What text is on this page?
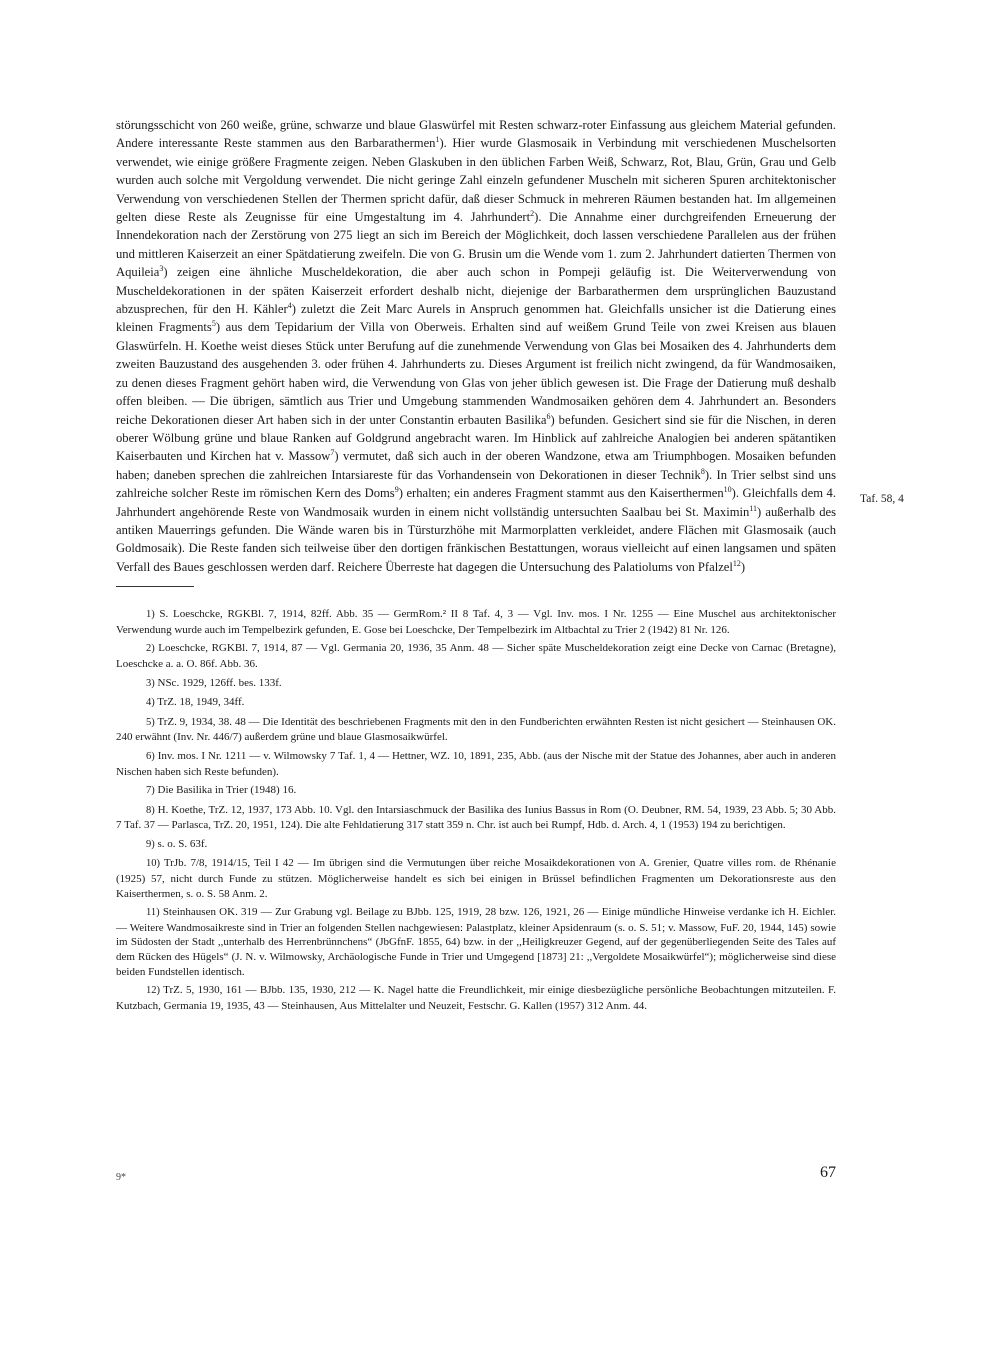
störungsschicht von 260 weiße, grüne, schwarze und blaue Glaswürfel mit Resten schwarz-roter Einfassung aus gleichem Material gefunden. Andere interessante Reste stammen aus den Barbarathermen$^1$). Hier wurde Glasmosaik in Verbindung mit verschiedenen Muschelsorten verwendet, wie einige größere Fragmente zeigen. Neben Glaskuben in den üblichen Farben Weiß, Schwarz, Rot, Blau, Grün, Grau und Gelb wurden auch solche mit Vergoldung verwendet. Die nicht geringe Zahl einzeln gefundener Muscheln mit sicheren Spuren architektonischer Verwendung von verschiedenen Stellen der Thermen spricht dafür, daß dieser Schmuck in mehreren Räumen bestanden hat. Im allgemeinen gelten diese Reste als Zeugnisse für eine Umgestaltung im 4. Jahrhundert$^2$). Die Annahme einer durchgreifenden Erneuerung der Innendekoration nach der Zerstörung von 275 liegt an sich im Bereich der Möglichkeit, doch lassen verschiedene Parallelen aus der frühen und mittleren Kaiserzeit an einer Spätdatierung zweifeln. Die von G. Brusin um die Wende vom 1. zum 2. Jahrhundert datierten Thermen von Aquileia$^3$) zeigen eine ähnliche Muscheldekoration, die aber auch schon in Pompeji geläufig ist. Die Weiterverwendung von Muscheldekorationen in der späten Kaiserzeit erfordert deshalb nicht, diejenige der Barbarathermen dem ursprünglichen Bauzustand abzusprechen, für den H. Kähler$^4$) zuletzt die Zeit Marc Aurels in Anspruch genommen hat. Gleichfalls unsicher ist die Datierung eines kleinen Fragments$^5$) aus dem Tepidarium der Villa von Oberweis. Erhalten sind auf weißem Grund Teile von zwei Kreisen aus blauen Glaswürfeln. H. Koethe weist dieses Stück unter Berufung auf die zunehmende Verwendung von Glas bei Mosaiken des 4. Jahrhunderts dem zweiten Bauzustand des ausgehenden 3. oder frühen 4. Jahrhunderts zu. Dieses Argument ist freilich nicht zwingend, da für Wandmosaiken, zu denen dieses Fragment gehört haben wird, die Verwendung von Glas von jeher üblich gewesen ist. Die Frage der Datierung muß deshalb offen bleiben. — Die übrigen, sämtlich aus Trier und Umgebung stammenden Wandmosaiken gehören dem 4. Jahrhundert an. Besonders reiche Dekorationen dieser Art haben sich in der unter Constantin erbauten Basilika$^6$) befunden. Gesichert sind sie für die Nischen, in deren oberer Wölbung grüne und blaue Ranken auf Goldgrund angebracht waren. Im Hinblick auf zahlreiche Analogien bei anderen spätantiken Kaiserbauten und Kirchen hat v. Massow$^7$) vermutet, daß sich auch in der oberen Wandzone, etwa am Triumphbogen. Mosaiken befunden haben; daneben sprechen die zahlreichen Intarsiareste für das Vorhandensein von Dekorationen in dieser Technik$^8$). In Trier selbst sind uns zahlreiche solcher Reste im römischen Kern des Doms$^9$) erhalten; ein anderes Fragment stammt aus den Kaiserthermen$^{10}$). Gleichfalls dem 4. Jahrhundert angehörende Reste von Wandmosaik wurden in einem nicht vollständig untersuchten Saalbau bei St. Maximin$^{11}$) außerhalb des antiken Mauerrings gefunden. Die Wände waren bis in Türsturzhöhe mit Marmorplatten verkleidet, andere Flächen mit Glasmosaik (auch Goldmosaik). Die Reste fanden sich teilweise über den dortigen fränkischen Bestattungen, woraus vielleicht auf einen langsamen und späten Verfall des Baues geschlossen werden darf. Reichere Überreste hat dagegen die Untersuchung des Palatiolums von Pfalzel$^{12}$)

1) S. Loeschcke, RGKBl. 7, 1914, 82ff. Abb. 35 — GermRom.² II 8 Taf. 4, 3 — Vgl. Inv. mos. I Nr. 1255 — Eine Muschel aus architektonischer Verwendung wurde auch im Tempelbezirk gefunden, E. Gose bei Loeschcke, Der Tempelbezirk im Altbachtal zu Trier 2 (1942) 81 Nr. 126.

2) Loeschcke, RGKBl. 7, 1914, 87 — Vgl. Germania 20, 1936, 35 Anm. 48 — Sicher späte Muscheldekoration zeigt eine Decke von Carnac (Bretagne), Loeschcke a. a. O. 86f. Abb. 36.

3) NSc. 1929, 126ff. bes. 133f.

4) TrZ. 18, 1949, 34ff.

5) TrZ. 9, 1934, 38. 48 — Die Identität des beschriebenen Fragments mit den in den Fundberichten erwähnten Resten ist nicht gesichert — Steinhausen OK. 240 erwähnt (Inv. Nr. 446/7) außerdem grüne und blaue Glasmosaikwürfel.

6) Inv. mos. I Nr. 1211 — v. Wilmowsky 7 Taf. 1, 4 — Hettner, WZ. 10, 1891, 235, Abb. (aus der Nische mit der Statue des Johannes, aber auch in anderen Nischen haben sich Reste befunden).

7) Die Basilika in Trier (1948) 16.

8) H. Koethe, TrZ. 12, 1937, 173 Abb. 10. Vgl. den Intarsiaschmuck der Basilika des Iunius Bassus in Rom (O. Deubner, RM. 54, 1939, 23 Abb. 5; 30 Abb. 7 Taf. 37 — Parlasca, TrZ. 20, 1951, 124). Die alte Fehldatierung 317 statt 359 n. Chr. ist auch bei Rumpf, Hdb. d. Arch. 4, 1 (1953) 194 zu berichtigen.

9) s. o. S. 63f.

10) TrJb. 7/8, 1914/15, Teil I 42 — Im übrigen sind die Vermutungen über reiche Mosaikdekorationen von A. Grenier, Quatre villes rom. de Rhénanie (1925) 57, nicht durch Funde zu stützen. Möglicherweise handelt es sich bei einigen in Brüssel befindlichen Fragmenten um Dekorationsreste aus den Kaiserthermen, s. o. S. 58 Anm. 2.

11) Steinhausen OK. 319 — Zur Grabung vgl. Beilage zu BJbb. 125, 1919, 28 bzw. 126, 1921, 26 — Einige mündliche Hinweise verdanke ich H. Eichler. — Weitere Wandmosaikreste sind in Trier an folgenden Stellen nachgewiesen: Palastplatz, kleiner Apsidenraum (s. o. S. 51; v. Massow, FuF. 20, 1944, 145) sowie im Südosten der Stadt ,,unterhalb des Herrenbrünnchens“ (JbGfnF. 1855, 64) bzw. in der ,,Heiligkreuzer Gegend, auf der gegenüberliegenden Seite des Tales auf dem Rücken des Hügels“ (J. N. v. Wilmowsky, Archäologische Funde in Trier und Umgegend [1873] 21: ,,Vergoldete Mosaikwürfel“); möglicherweise sind diese beiden Fundstellen identisch.

12) TrZ. 5, 1930, 161 — BJbb. 135, 1930, 212 — K. Nagel hatte die Freundlichkeit, mir einige diesbezügliche persönliche Beobachtungen mitzuteilen. F. Kutzbach, Germania 19, 1935, 43 — Steinhausen, Aus Mittelalter und Neuzeit, Festschr. G. Kallen (1957) 312 Anm. 44.

Taf. 58, 4
9*	67
